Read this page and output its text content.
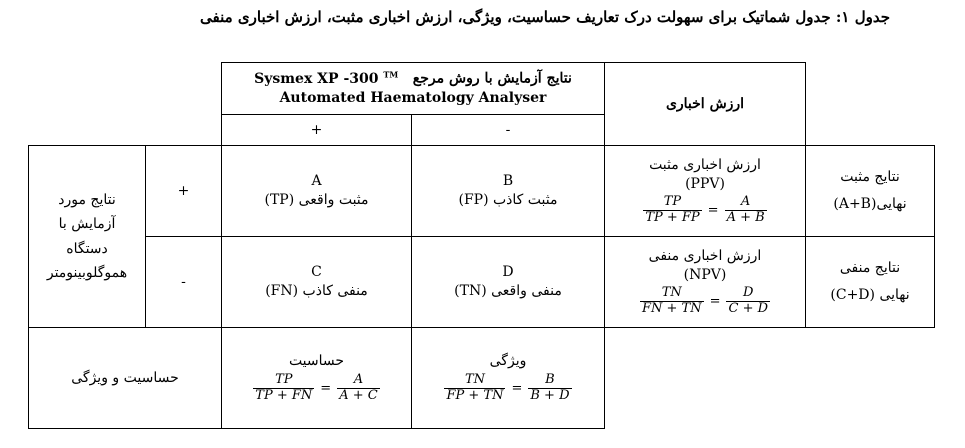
جدول ۱: جدول شماتیک برای سهولت درک تعاریف حساسیت، ویژگی، ارزش اخباری مثبت، ارزش اخباری منفی
نتایج آزمایش با روش مرجع   Sysmex XP -300 ™
Automated Haematology Analyser	ارزش اخباری
+	-
نتایج مورد آزمایش با دستگاه هموگلوبینومتر
+
-
A
مثبت واقعی (TP)
B
مثبت کاذب (FP)
C
منفی کاذب (FN)
D
منفی واقعی (TN)
ارزش اخباری مثبت
(PPV)
$\frac{TP}{TP + FP} = \frac{A}{A + B}$
ارزش اخباری منفی
(NPV)
$\frac{TN}{FN + TN} = \frac{D}{C + D}$
نتایج مثبت
نهایی(A+B)
نتایج منفی
نهایی (C+D)
حساسیت و ویژگی
حساسیت
$\frac{TP}{TP + FN} = \frac{A}{A + C}$
ویژگی
$\frac{TN}{FP + TN} = \frac{B}{B + D}$
